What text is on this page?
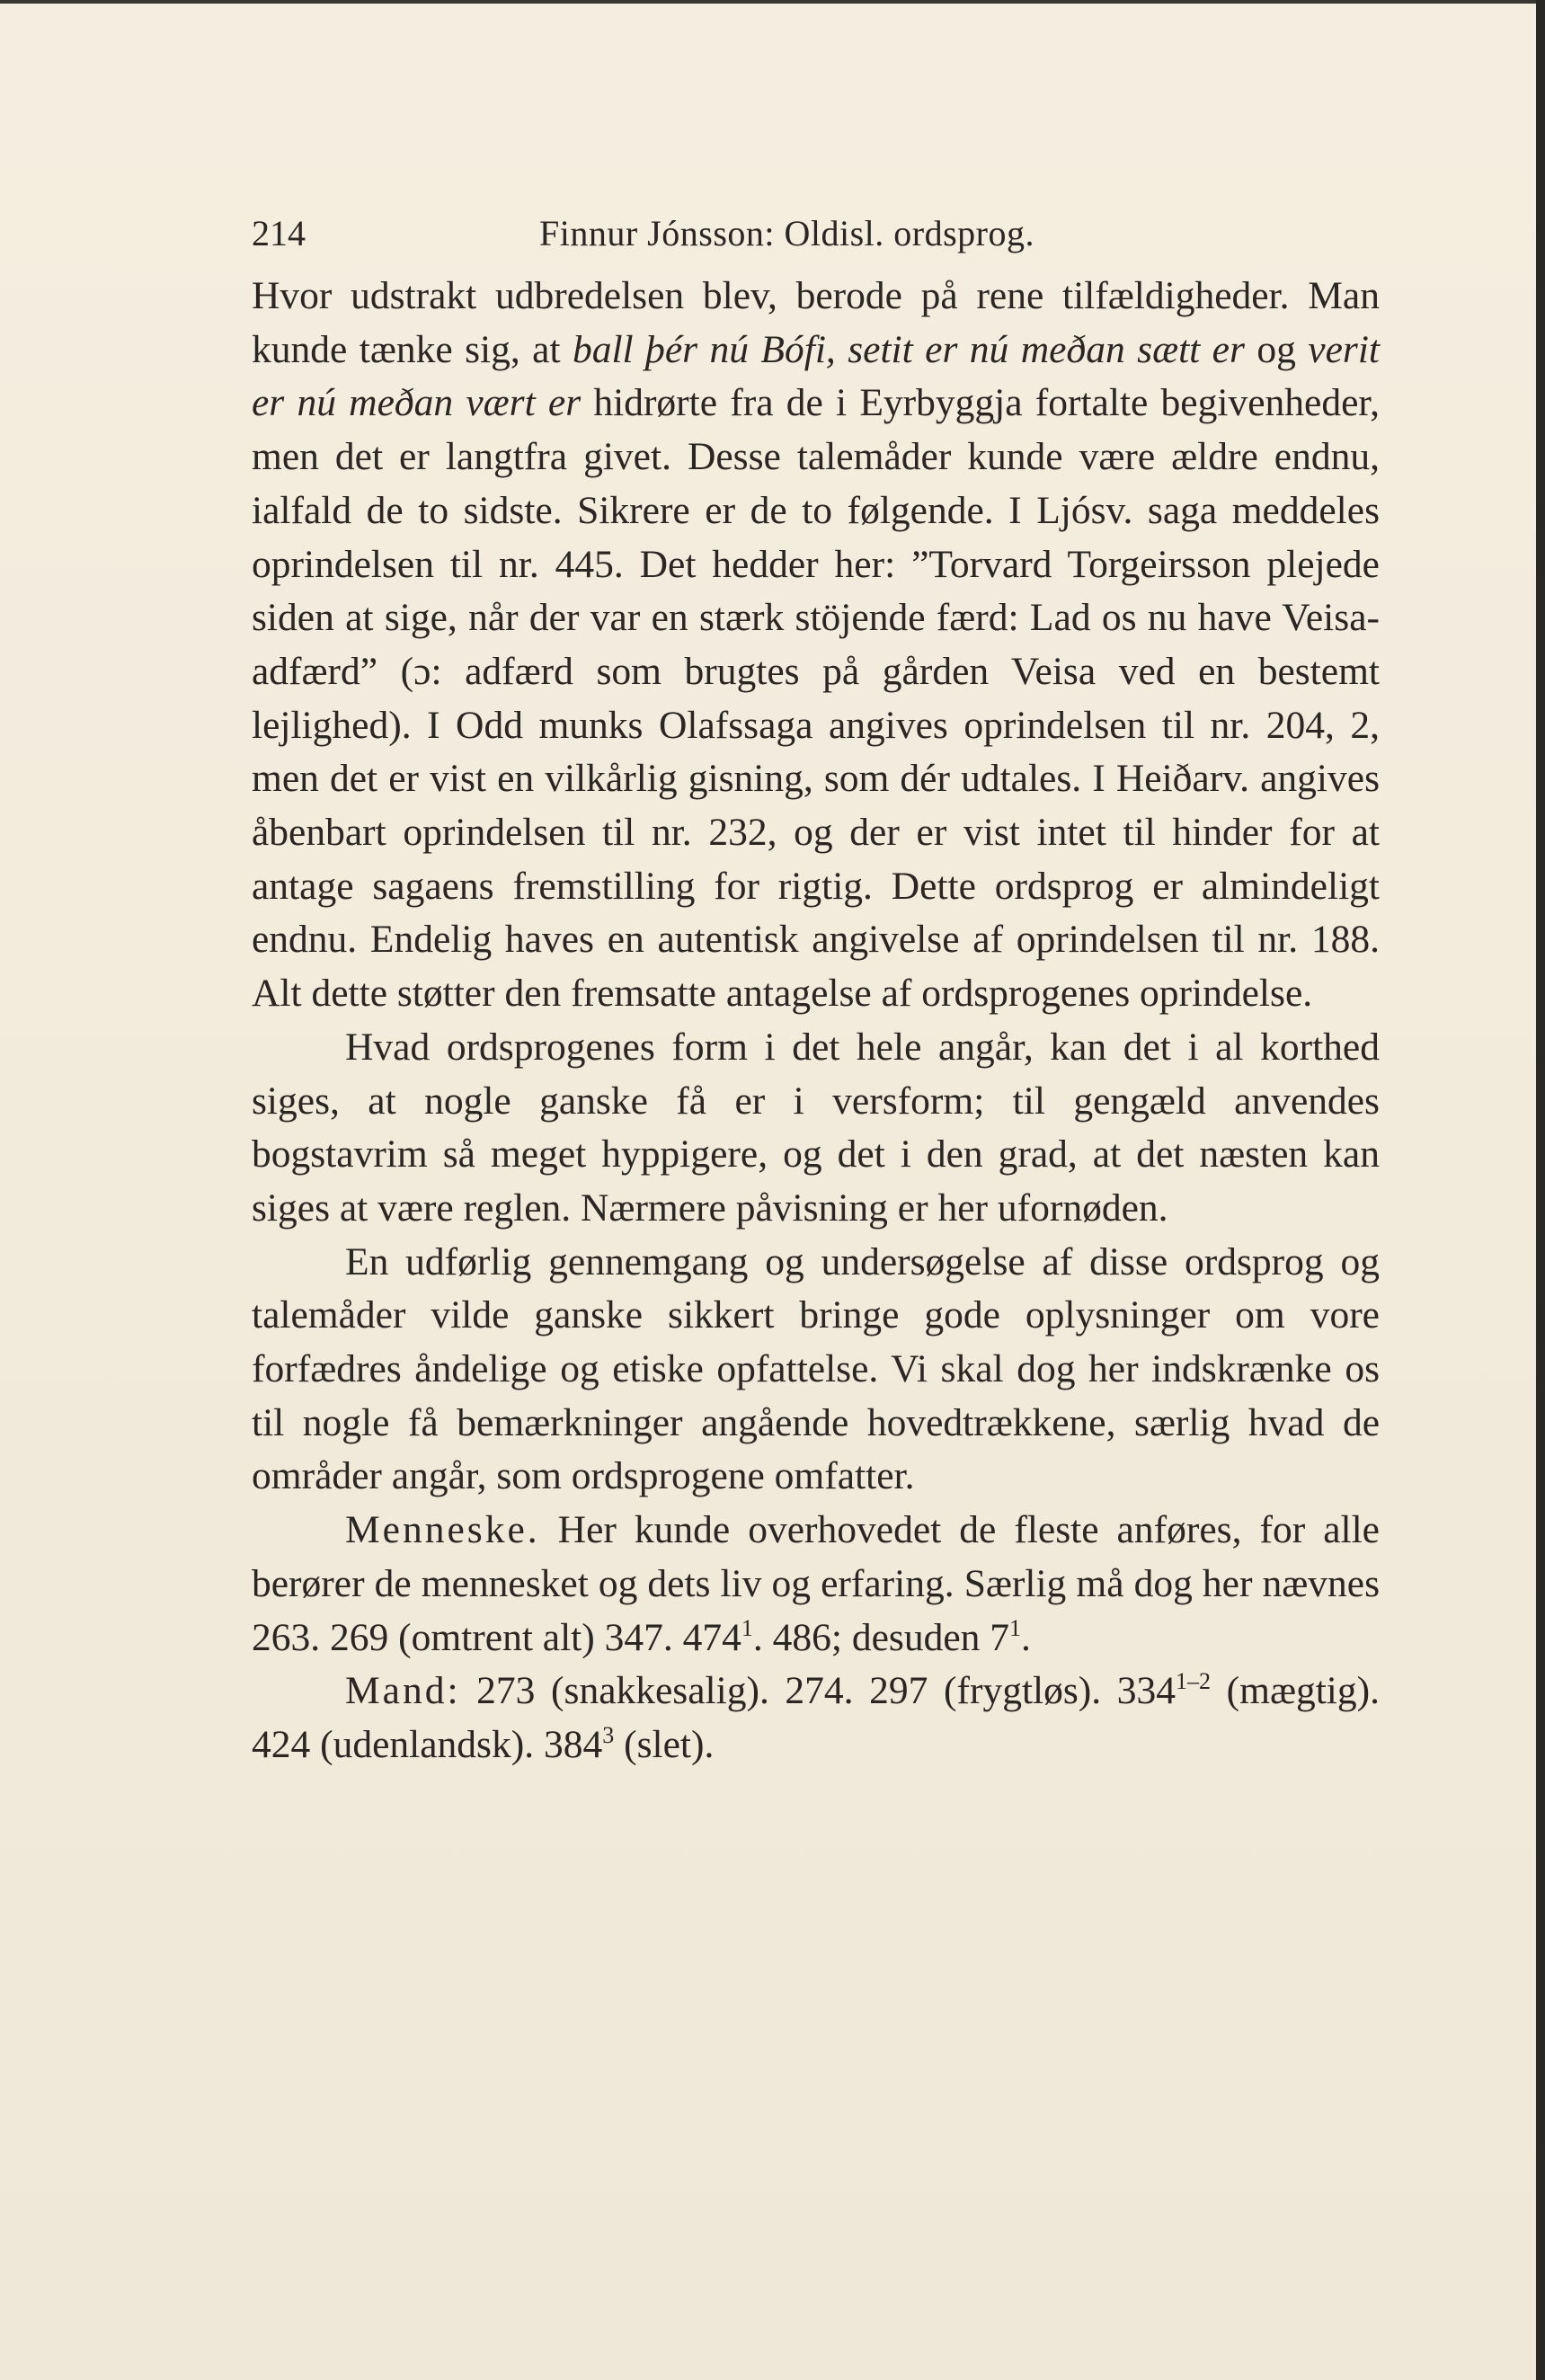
214	Finnur Jónsson: Oldisl. ordsprog.

Hvor udstrakt udbredelsen blev, berode på rene tilfældigheder. Man kunde tænke sig, at ball þér nú Bófi, setit er nú meðan sætt er og verit er nú meðan vært er hidrørte fra de i Eyrbyggja fortalte begivenheder, men det er langtfra givet. Desse talemåder kunde være ældre endnu, ialfald de to sidste. Sikrere er de to følgende. I Ljósv. saga meddeles oprindelsen til nr. 445. Det hedder her: ”Torvard Torgeirsson plejede siden at sige, når der var en stærk stöjende færd: Lad os nu have Veisa-adfærd” (ɔ: adfærd som brugtes på gården Veisa ved en bestemt lejlighed). I Odd munks Olafssaga angives oprindelsen til nr. 204, 2, men det er vist en vilkårlig gisning, som dér udtales. I Heiðarv. angives åbenbart oprindelsen til nr. 232, og der er vist intet til hinder for at antage sagaens fremstilling for rigtig. Dette ordsprog er almindeligt endnu. Endelig haves en autentisk angivelse af oprindelsen til nr. 188. Alt dette støtter den fremsatte antagelse af ordsprogenes oprindelse.

Hvad ordsprogenes form i det hele angår, kan det i al korthed siges, at nogle ganske få er i versform; til gengæld anvendes bogstavrim så meget hyppigere, og det i den grad, at det næsten kan siges at være reglen. Nærmere påvisning er her ufornøden.

En udførlig gennemgang og undersøgelse af disse ordsprog og talemåder vilde ganske sikkert bringe gode oplysninger om vore forfædres åndelige og etiske opfattelse. Vi skal dog her indskrænke os til nogle få bemærkninger angående hovedtrækkene, særlig hvad de områder angår, som ordsprogene omfatter.

Menneske. Her kunde overhovedet de fleste anføres, for alle berører de mennesket og dets liv og erfaring. Særlig må dog her nævnes 263. 269 (omtrent alt) 347. $474^1$. 486; desuden $7^1$.

Mand: 273 (snakkesalig). 274. 297 (frygtløs). 334$^{1-2}$ (mægtig). 424 (udenlandsk). $384^3$ (slet).
